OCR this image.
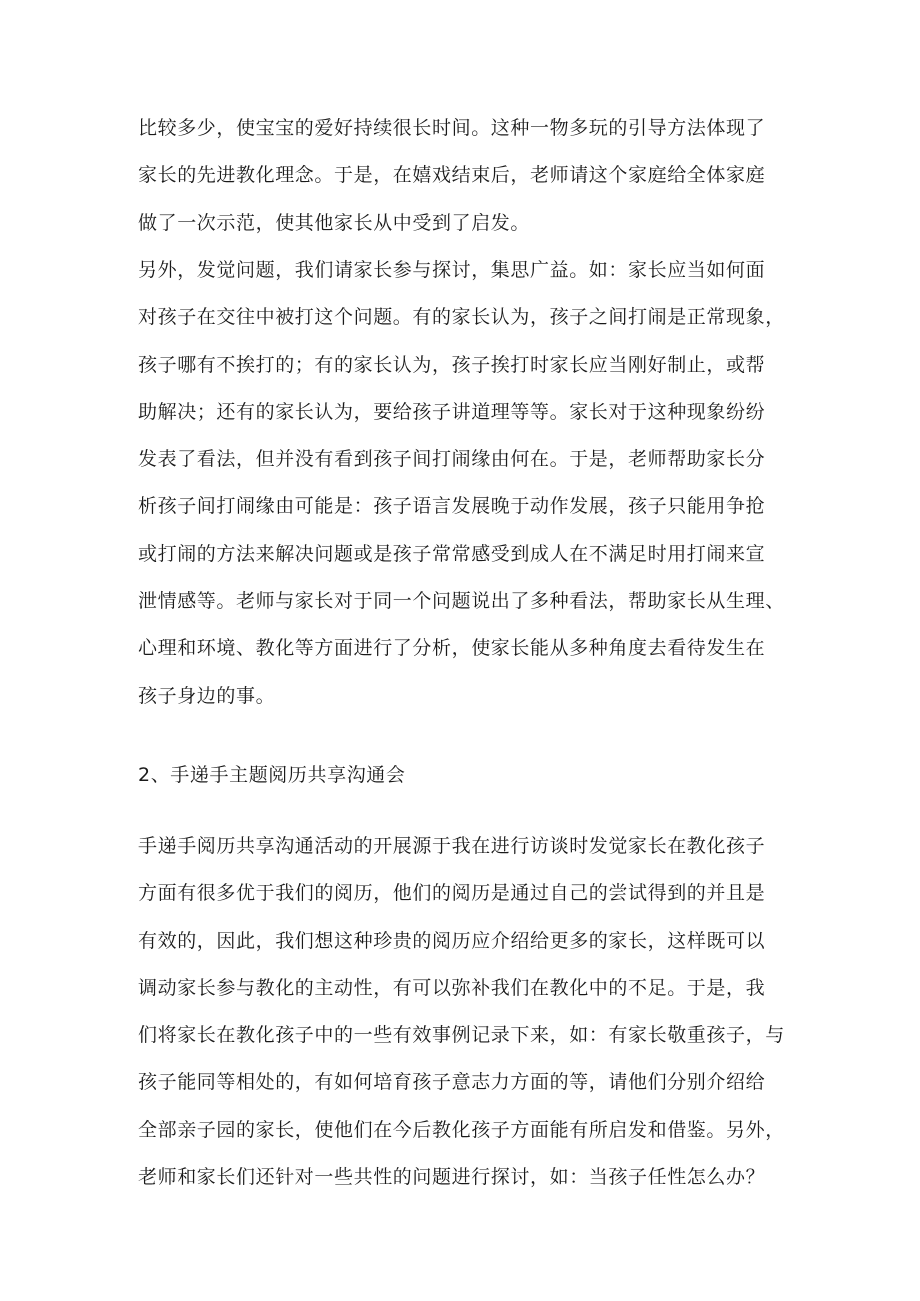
比较多少，使宝宝的爱好持续很长时间。这种一物多玩的引导方法体现了
家长的先进教化理念。于是，在嬉戏结束后，老师请这个家庭给全体家庭
做了一次示范，使其他家长从中受到了启发。
另外，发觉问题，我们请家长参与探讨，集思广益。如：家长应当如何面
对孩子在交往中被打这个问题。有的家长认为，孩子之间打闹是正常现象，
孩子哪有不挨打的；有的家长认为，孩子挨打时家长应当刚好制止，或帮
助解决；还有的家长认为，要给孩子讲道理等等。家长对于这种现象纷纷
发表了看法，但并没有看到孩子间打闹缘由何在。于是，老师帮助家长分
析孩子间打闹缘由可能是：孩子语言发展晚于动作发展，孩子只能用争抢
或打闹的方法来解决问题或是孩子常常感受到成人在不满足时用打闹来宣
泄情感等。老师与家长对于同一个问题说出了多种看法，帮助家长从生理、
心理和环境、教化等方面进行了分析，使家长能从多种角度去看待发生在
孩子身边的事。
2、手递手主题阅历共享沟通会
手递手阅历共享沟通活动的开展源于我在进行访谈时发觉家长在教化孩子
方面有很多优于我们的阅历，他们的阅历是通过自己的尝试得到的并且是
有效的，因此，我们想这种珍贵的阅历应介绍给更多的家长，这样既可以
调动家长参与教化的主动性，有可以弥补我们在教化中的不足。于是，我
们将家长在教化孩子中的一些有效事例记录下来，如：有家长敬重孩子，与
孩子能同等相处的，有如何培育孩子意志力方面的等，请他们分别介绍给
全部亲子园的家长，使他们在今后教化孩子方面能有所启发和借鉴。另外，
老师和家长们还针对一些共性的问题进行探讨，如：当孩子任性怎么办？
